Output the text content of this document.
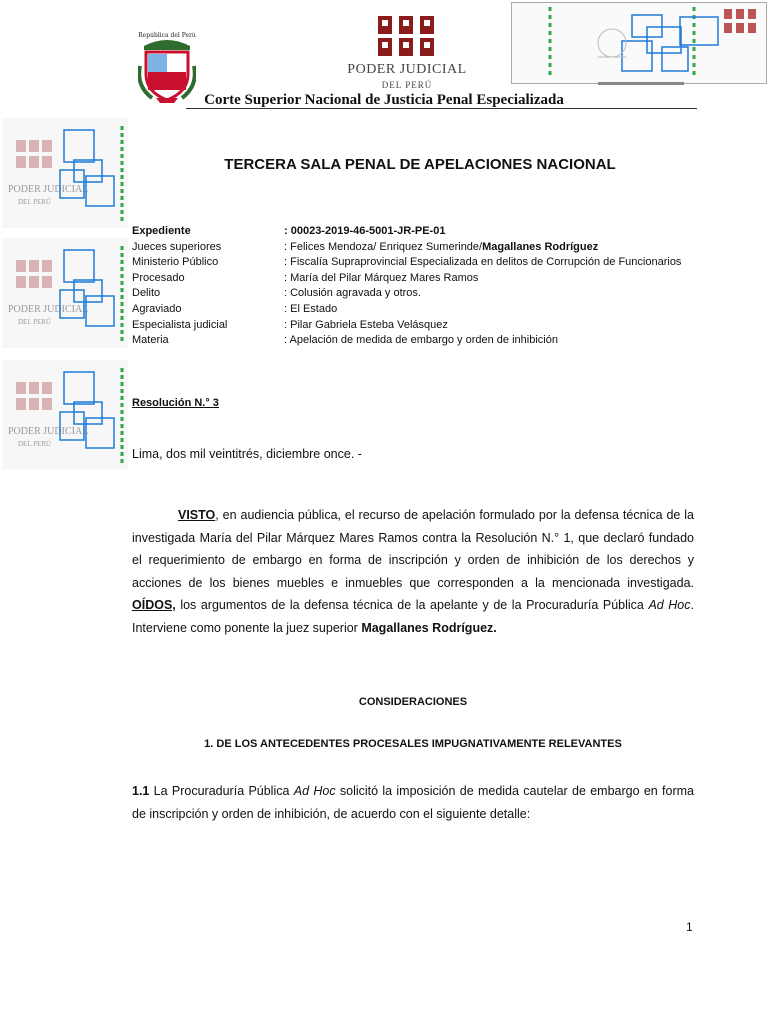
República del Perú
PODER JUDICIAL
DEL PERÚ
Corte Superior Nacional de Justicia Penal Especializada
PODER JUDICIAL
DEL PERÚ
PODER JUDICIAL
DEL PERÚ
PODER JUDICIAL
DEL PERÚ
TERCERA SALA PENAL DE APELACIONES NACIONAL
Expediente	: 00023-2019-46-5001-JR-PE-01
Jueces superiores	: Felices Mendoza/ Enriquez Sumerinde/ Magallanes Rodríguez
Ministerio Público	: Fiscalía Supraprovincial Especializada en delitos de Corrupción de Funcionarios
Procesado	: María del Pilar Márquez Mares Ramos
Delito	: Colusión agravada y otros.
Agraviado	: El Estado
Especialista judicial	: Pilar Gabriela Esteba Velásquez
Materia	: Apelación de medida de embargo y orden de inhibición
Resolución N.° 3
Lima, dos mil veintitrés, diciembre once. -
VISTO, en audiencia pública, el recurso de apelación formulado por la defensa técnica de la investigada María del Pilar Márquez Mares Ramos contra la Resolución N.° 1, que declaró fundado el requerimiento de embargo en forma de inscripción y orden de inhibición de los derechos y acciones de los bienes muebles e inmuebles que corresponden a la mencionada investigada. OÍDOS, los argumentos de la defensa técnica de la apelante y de la Procuraduría Pública Ad Hoc. Interviene como ponente la juez superior Magallanes Rodríguez.
CONSIDERACIONES
1. DE LOS ANTECEDENTES PROCESALES IMPUGNATIVAMENTE RELEVANTES
1.1 La Procuraduría Pública Ad Hoc solicitó la imposición de medida cautelar de embargo en forma de inscripción y orden de inhibición, de acuerdo con el siguiente detalle:
1
